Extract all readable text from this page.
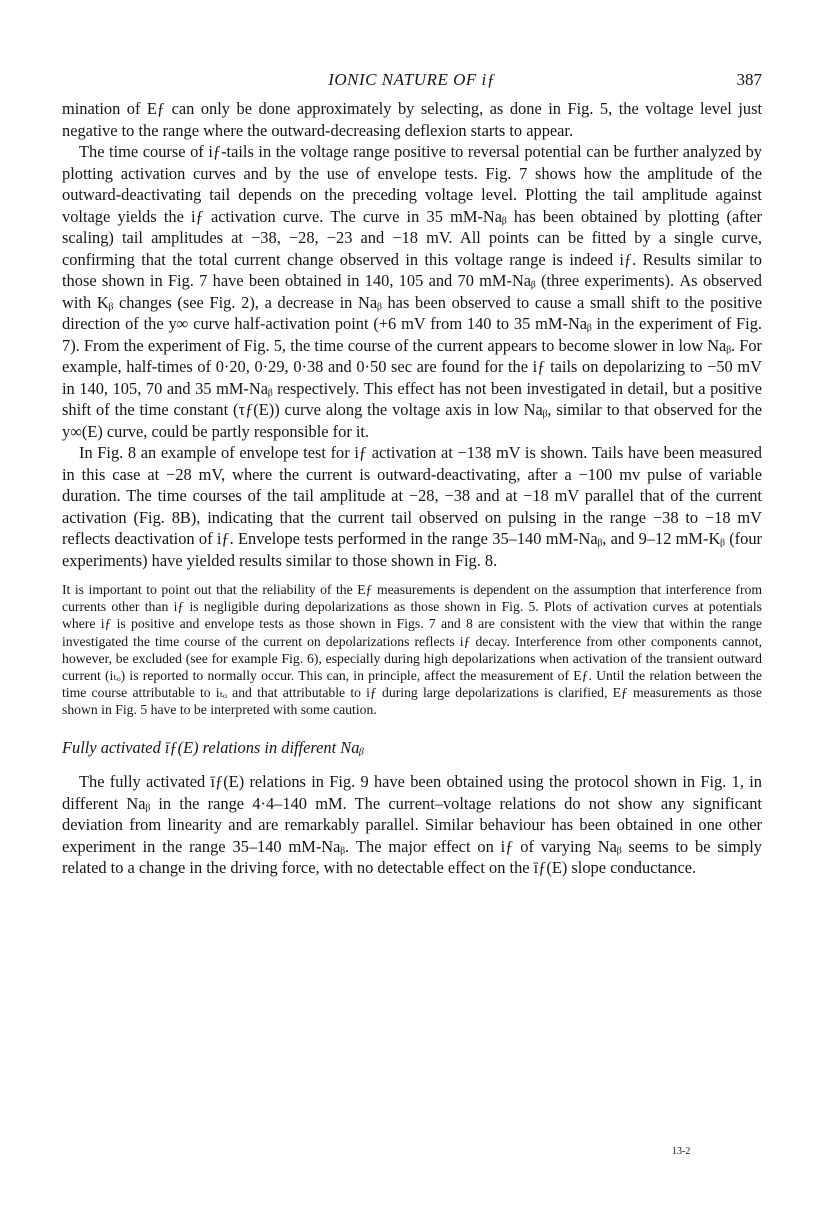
IONIC NATURE OF iƒ	387

mination of Eƒ can only be done approximately by selecting, as done in Fig. 5, the voltage level just negative to the range where the outward-decreasing deflexion starts to appear.

The time course of iƒ-tails in the voltage range positive to reversal potential can be further analyzed by plotting activation curves and by the use of envelope tests. Fig. 7 shows how the amplitude of the outward-deactivating tail depends on the preceding voltage level. Plotting the tail amplitude against voltage yields the iƒ activation curve. The curve in 35 mM-Naᵦ has been obtained by plotting (after scaling) tail amplitudes at −38, −28, −23 and −18 mV. All points can be fitted by a single curve, confirming that the total current change observed in this voltage range is indeed iƒ. Results similar to those shown in Fig. 7 have been obtained in 140, 105 and 70 mM-Naᵦ (three experiments). As observed with Kᵦ changes (see Fig. 2), a decrease in Naᵦ has been observed to cause a small shift to the positive direction of the y∞ curve half-activation point (+6 mV from 140 to 35 mM-Naᵦ in the experiment of Fig. 7). From the experiment of Fig. 5, the time course of the current appears to become slower in low Naᵦ. For example, half-times of 0·20, 0·29, 0·38 and 0·50 sec are found for the iƒ tails on depolarizing to −50 mV in 140, 105, 70 and 35 mM-Naᵦ respectively. This effect has not been investigated in detail, but a positive shift of the time constant (τƒ(E)) curve along the voltage axis in low Naᵦ, similar to that observed for the y∞(E) curve, could be partly responsible for it.

In Fig. 8 an example of envelope test for iƒ activation at −138 mV is shown. Tails have been measured in this case at −28 mV, where the current is outward-deactivating, after a −100 mv pulse of variable duration. The time courses of the tail amplitude at −28, −38 and at −18 mV parallel that of the current activation (Fig. 8B), indicating that the current tail observed on pulsing in the range −38 to −18 mV reflects deactivation of iƒ. Envelope tests performed in the range 35–140 mM-Naᵦ, and 9–12 mM-Kᵦ (four experiments) have yielded results similar to those shown in Fig. 8.

It is important to point out that the reliability of the Eƒ measurements is dependent on the assumption that interference from currents other than iƒ is negligible during depolarizations as those shown in Fig. 5. Plots of activation curves at potentials where iƒ is positive and envelope tests as those shown in Figs. 7 and 8 are consistent with the view that within the range investigated the time course of the current on depolarizations reflects iƒ decay. Interference from other components cannot, however, be excluded (see for example Fig. 6), especially during high depolarizations when activation of the transient outward current (iₜₒ) is reported to normally occur. This can, in principle, affect the measurement of Eƒ. Until the relation between the time course attributable to iₜₒ and that attributable to iƒ during large depolarizations is clarified, Eƒ measurements as those shown in Fig. 5 have to be interpreted with some caution.

Fully activated īƒ(E) relations in different Naᵦ

The fully activated īƒ(E) relations in Fig. 9 have been obtained using the protocol shown in Fig. 1, in different Naᵦ in the range 4·4–140 mM. The current–voltage relations do not show any significant deviation from linearity and are remarkably parallel. Similar behaviour has been obtained in one other experiment in the range 35–140 mM-Naᵦ. The major effect on iƒ of varying Naᵦ seems to be simply related to a change in the driving force, with no detectable effect on the īƒ(E) slope conductance.

13-2
